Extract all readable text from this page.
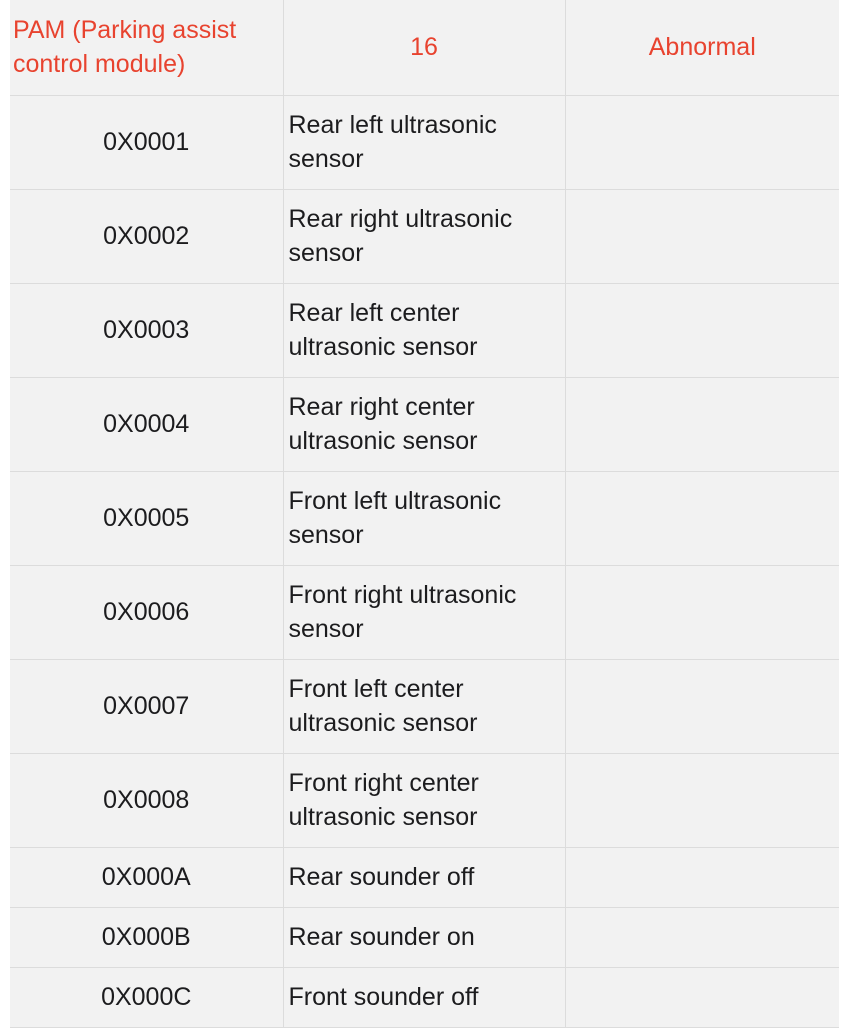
PAM (Parking assist control module)	16	Abnormal
0X0001	Rear left ultrasonic sensor	
0X0002	Rear right ultrasonic sensor	
0X0003	Rear left center ultrasonic sensor	
0X0004	Rear right center ultrasonic sensor	
0X0005	Front left ultrasonic sensor	
0X0006	Front right ultrasonic sensor	
0X0007	Front left center ultrasonic sensor	
0X0008	Front right center ultrasonic sensor	
0X000A	Rear sounder off	
0X000B	Rear sounder on	
0X000C	Front sounder off	
